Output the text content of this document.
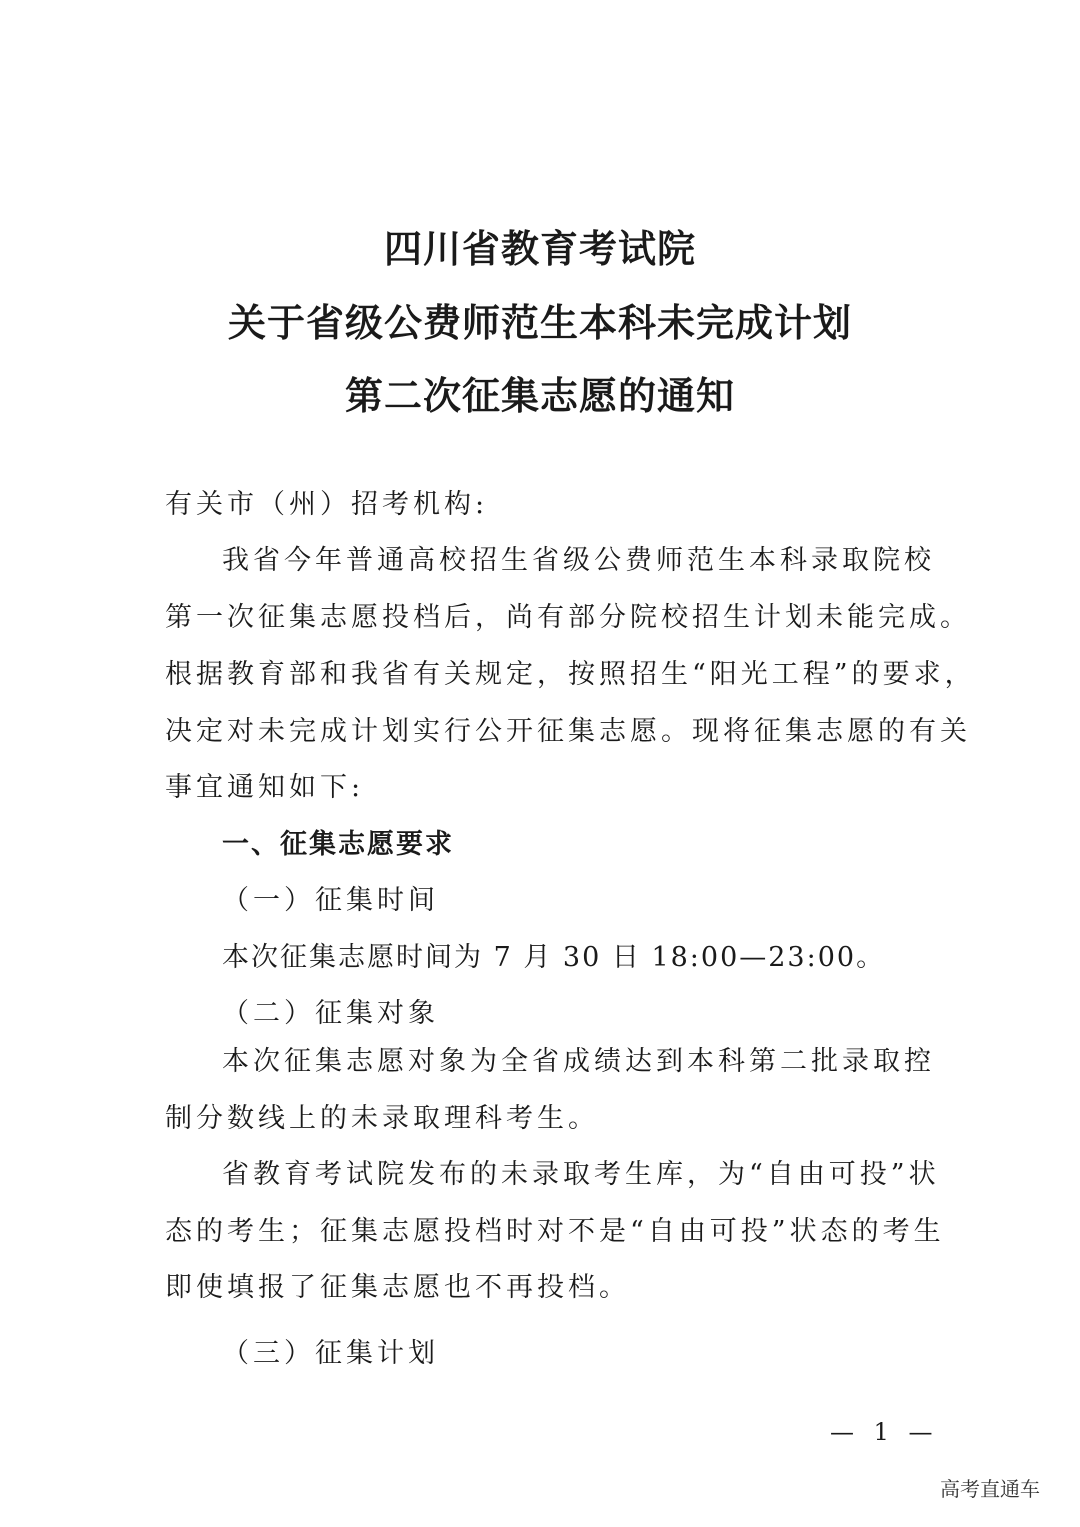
四川省教育考试院
关于省级公费师范生本科未完成计划
第二次征集志愿的通知
有关市（州）招考机构:
我省今年普通高校招生省级公费师范生本科录取院校
第一次征集志愿投档后，尚有部分院校招生计划未能完成。
根据教育部和我省有关规定，按照招生“阳光工程”的要求，
决定对未完成计划实行公开征集志愿。现将征集志愿的有关
事宜通知如下:
一、征集志愿要求
（一）征集时间
本次征集志愿时间为 7 月 30 日 18:00—23:00。
（二）征集对象
本次征集志愿对象为全省成绩达到本科第二批录取控
制分数线上的未录取理科考生。
省教育考试院发布的未录取考生库，为“自由可投”状
态的考生；征集志愿投档时对不是“自由可投”状态的考生
即使填报了征集志愿也不再投档。
（三）征集计划
— 1 —
高考直通车
